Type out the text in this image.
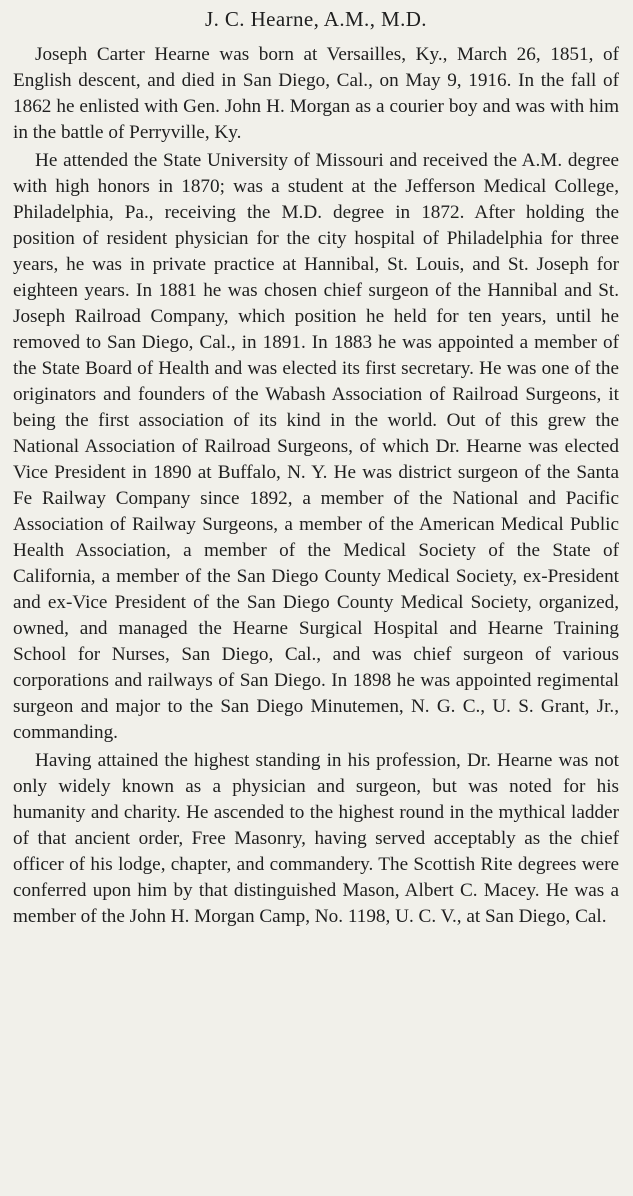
J. C. Hearne, A.M., M.D.

Joseph Carter Hearne was born at Versailles, Ky., March 26, 1851, of English descent, and died in San Diego, Cal., on May 9, 1916. In the fall of 1862 he enlisted with Gen. John H. Morgan as a courier boy and was with him in the battle of Perryville, Ky.

He attended the State University of Missouri and received the A.M. degree with high honors in 1870; was a student at the Jefferson Medical College, Philadelphia, Pa., receiving the M.D. degree in 1872. After holding the position of resident physician for the city hospital of Philadelphia for three years, he was in private practice at Hannibal, St. Louis, and St. Joseph for eighteen years. In 1881 he was chosen chief surgeon of the Hannibal and St. Joseph Railroad Company, which position he held for ten years, until he removed to San Diego, Cal., in 1891. In 1883 he was appointed a member of the State Board of Health and was elected its first secretary. He was one of the originators and founders of the Wabash Association of Railroad Surgeons, it being the first association of its kind in the world. Out of this grew the National Association of Railroad Surgeons, of which Dr. Hearne was elected Vice President in 1890 at Buffalo, N. Y. He was district surgeon of the Santa Fe Railway Company since 1892, a member of the National and Pacific Association of Railway Surgeons, a member of the American Medical Public Health Association, a member of the Medical Society of the State of California, a member of the San Diego County Medical Society, ex-President and ex-Vice President of the San Diego County Medical Society, organized, owned, and managed the Hearne Surgical Hospital and Hearne Training School for Nurses, San Diego, Cal., and was chief surgeon of various corporations and railways of San Diego. In 1898 he was appointed regimental surgeon and major to the San Diego Minutemen, N. G. C., U. S. Grant, Jr., commanding.

Having attained the highest standing in his profession, Dr. Hearne was not only widely known as a physician and surgeon, but was noted for his humanity and charity. He ascended to the highest round in the mythical ladder of that ancient order, Free Masonry, having served acceptably as the chief officer of his lodge, chapter, and commandery. The Scottish Rite degrees were conferred upon him by that distinguished Mason, Albert C. Macey. He was a member of the John H. Morgan Camp, No. 1198, U. C. V., at San Diego, Cal.
